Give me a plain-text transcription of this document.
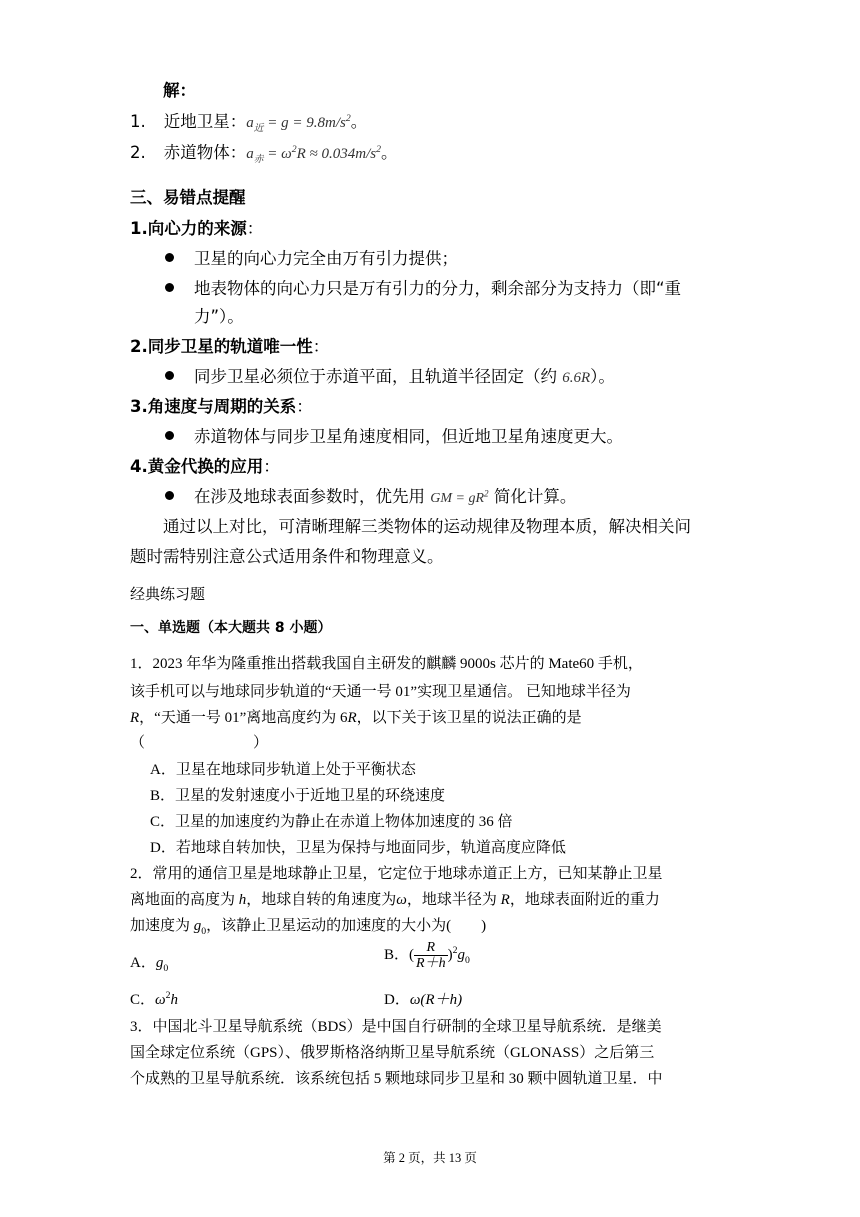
解：
1. 近地卫星：$a_近 = g = 9.8m/s^2$。
2. 赤道物体：$a_赤 = \omega^2R \approx 0.034m/s^2$。
三、易错点提醒
1.向心力的来源：
卫星的向心力完全由万有引力提供；
地表物体的向心力只是万有引力的分力，剩余部分为支持力（即“重
力”）。
2.同步卫星的轨道唯一性：
同步卫星必须位于赤道平面，且轨道半径固定（约 6.6R）。
3.角速度与周期的关系：
赤道物体与同步卫星角速度相同，但近地卫星角速度更大。
4.黄金代换的应用：
在涉及地球表面参数时，优先用 GM = $gR^2$ 简化计算。
通过以上对比，可清晰理解三类物体的运动规律及物理本质，解决相关问
题时需特别注意公式适用条件和物理意义。
经典练习题
一、单选题（本大题共 8 小题）
1．2023 年华为隆重推出搭载我国自主研发的麒麟 9000s 芯片的 Mate60 手机，
该手机可以与地球同步轨道的“天通一号 01”实现卫星通信。 已知地球半径为
R，“天通一号 01”离地高度约为 6R，以下关于该卫星的说法正确的是
（	）
A．卫星在地球同步轨道上处于平衡状态
B．卫星的发射速度小于近地卫星的环绕速度
C．卫星的加速度约为静止在赤道上物体加速度的 36 倍
D．若地球自转加快，卫星为保持与地面同步，轨道高度应降低
2．常用的通信卫星是地球静止卫星，它定位于地球赤道正上方，已知某静止卫星
离地面的高度为 h，地球自转的角速度为ω，地球半径为 R，地球表面附近的重力
加速度为 $g_0$，该静止卫星运动的加速度的大小为(　　)
A．$g_0$
B．( $\frac{R}{R+h} )^2g_0$
C．$\omega^2h$	D．ω(R＋h)
3．中国北斗卫星导航系统（BDS）是中国自行研制的全球卫星导航系统．是继美
国全球定位系统（GPS）、俄罗斯格洛纳斯卫星导航系统（GLONASS）之后第三
个成熟的卫星导航系统．该系统包括 5 颗地球同步卫星和 30 颗中圆轨道卫星．中
第 2 页，共 13 页
